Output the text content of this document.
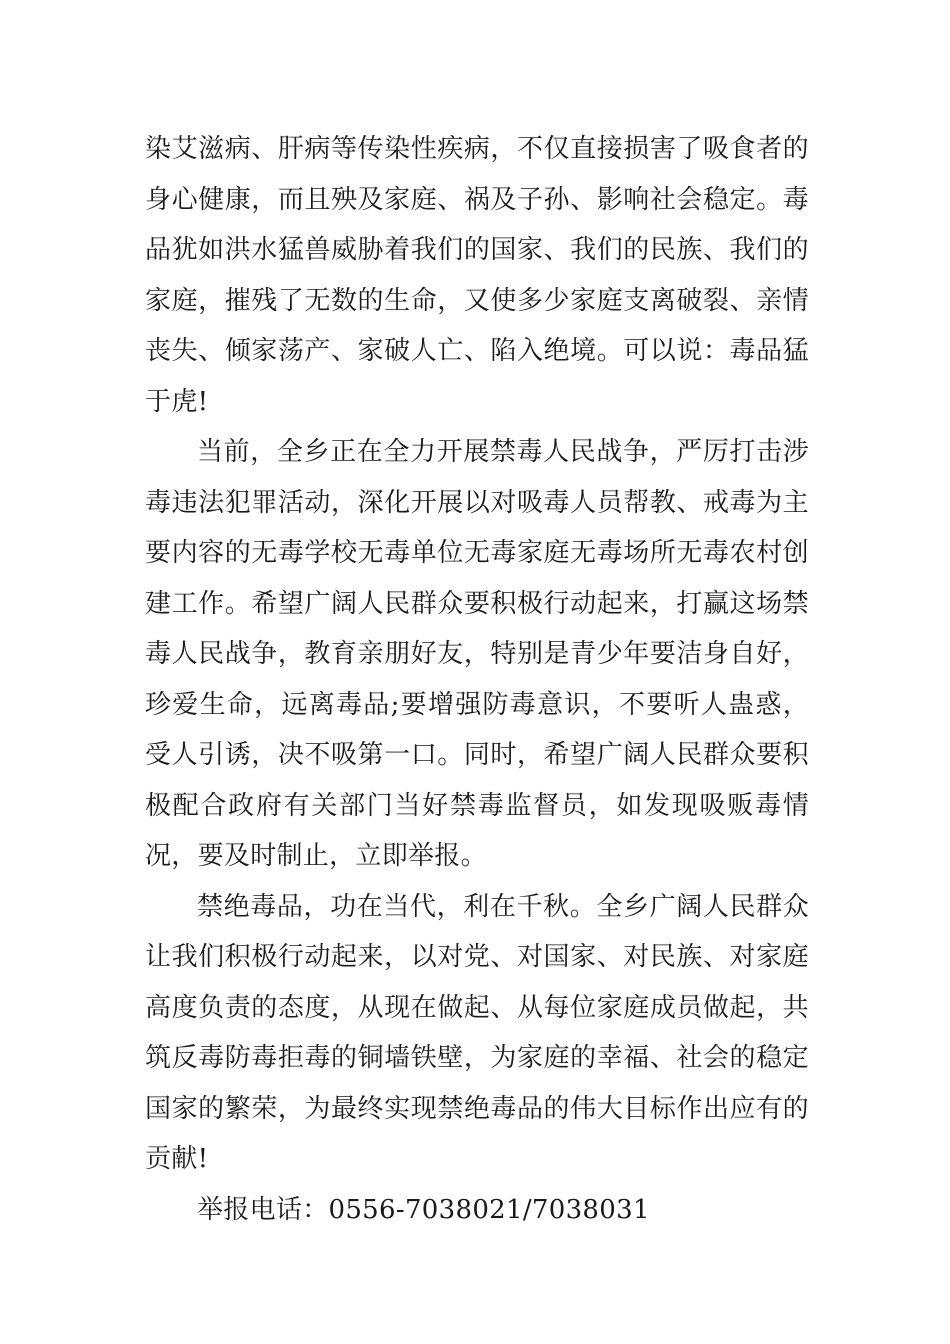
染艾滋病、肝病等传染性疾病，不仅直接损害了吸食者的身心健康，而且殃及家庭、祸及子孙、影响社会稳定。毒品犹如洪水猛兽威胁着我们的国家、我们的民族、我们的家庭，摧残了无数的生命，又使多少家庭支离破裂、亲情丧失、倾家荡产、家破人亡、陷入绝境。可以说：毒品猛于虎!

当前，全乡正在全力开展禁毒人民战争，严厉打击涉毒违法犯罪活动，深化开展以对吸毒人员帮教、戒毒为主要内容的无毒学校无毒单位无毒家庭无毒场所无毒农村创建工作。希望广阔人民群众要积极行动起来，打赢这场禁毒人民战争，教育亲朋好友，特别是青少年要洁身自好，珍爱生命，远离毒品;要增强防毒意识，不要听人蛊惑，受人引诱，决不吸第一口。同时，希望广阔人民群众要积极配合政府有关部门当好禁毒监督员，如发现吸贩毒情况，要及时制止，立即举报。

禁绝毒品，功在当代，利在千秋。全乡广阔人民群众让我们积极行动起来，以对党、对国家、对民族、对家庭高度负责的态度，从现在做起、从每位家庭成员做起，共筑反毒防毒拒毒的铜墙铁壁，为家庭的幸福、社会的稳定国家的繁荣，为最终实现禁绝毒品的伟大目标作出应有的贡献!

举报电话：0556-7038021/7038031
